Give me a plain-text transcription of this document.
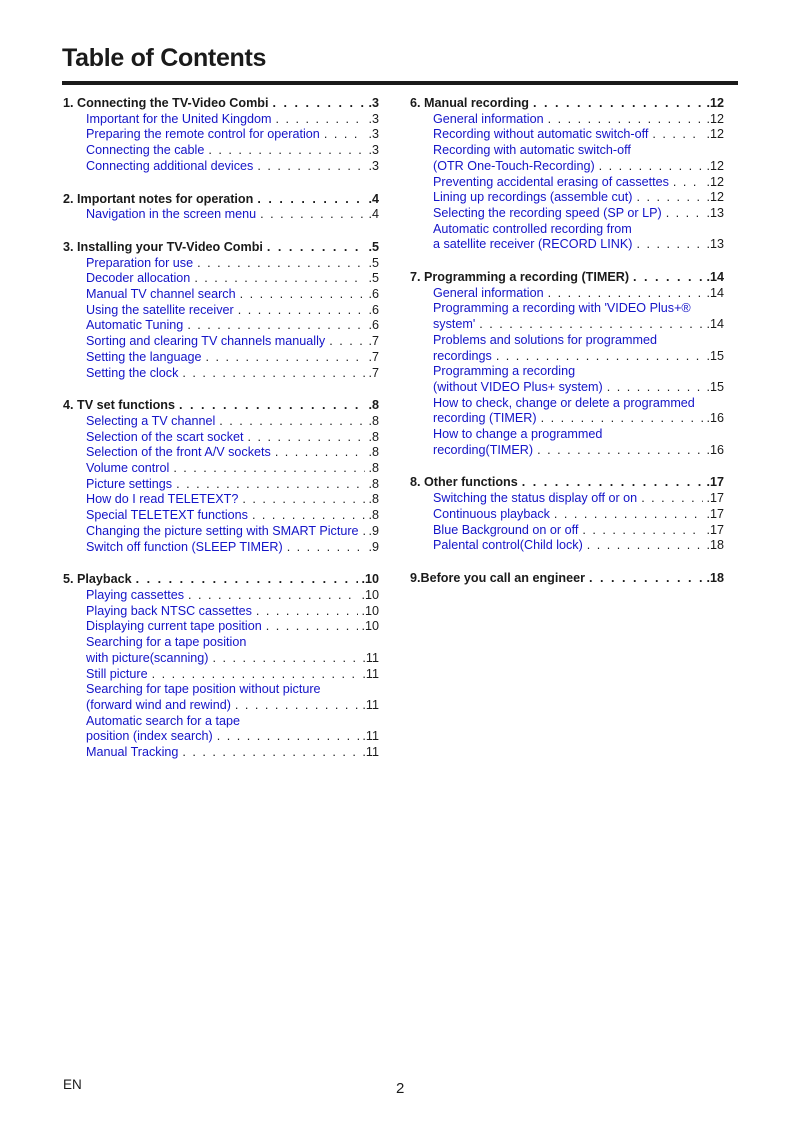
Table of Contents
1. Connecting the TV-Video Combi . . .	.3
Important for the United Kingdom . . .	.3
Preparing the remote control for operation . . .	.3
Connecting the cable . . .	.3
Connecting additional devices . . .	.3
2. Important notes for operation . . .	.4
Navigation in the screen menu . . .	.4
3. Installing your TV-Video Combi . . .	.5
Preparation for use . . .	.5
Decoder allocation . . .	.5
Manual TV channel search . . .	.6
Using the satellite receiver . . .	.6
Automatic Tuning . . .	.6
Sorting and clearing TV channels manually . . .	.7
Setting the language . . .	.7
Setting the clock . . .	.7
4. TV set functions . . .	.8
Selecting a TV channel . . .	.8
Selection of the scart socket . . .	.8
Selection of the front A/V sockets . . .	.8
Volume control . . .	.8
Picture settings . . .	.8
How do I read TELETEXT? . . .	.8
Special TELETEXT functions . . .	.8
Changing the picture setting with SMART Picture . . . .9
Switch off function (SLEEP TIMER) . . .	.9
5. Playback . . .	.10
Playing cassettes . . .	.10
Playing back NTSC cassettes . . .	.10
Displaying current tape position . . .	.10
Searching for a tape position
with picture(scanning) . . .	.11
Still picture . . .	.11
Searching for tape position without picture
(forward wind and rewind) . . .	.11
Automatic search for a tape
position (index search) . . .	.11
Manual Tracking . . .	.11
6. Manual recording . . .	.12
General information . . .	.12
Recording without automatic switch-off . . .	.12
Recording with automatic switch-off
(OTR One-Touch-Recording) . . .	.12
Preventing accidental erasing of cassettes . . .	.12
Lining up recordings (assemble cut) . . .	.12
Selecting the recording speed (SP or LP) . . .	.13
Automatic controlled recording from
a satellite receiver (RECORD LINK) . . .	.13
7. Programming a recording (TIMER) . . .	.14
General information . . .	.14
Programming a recording with 'VIDEO Plus+®
system' . . .	.14
Problems and solutions for programmed
recordings . . .	.15
Programming a recording
(without VIDEO Plus+ system) . . .	.15
How to check, change or delete a programmed
recording (TIMER) . . .	.16
How to change a programmed
recording(TIMER) . . .	.16
8. Other functions . . .	.17
Switching the status display off or on . . .	.17
Continuous playback . . .	.17
Blue Background on or off . . .	.17
Palental control(Child lock) . . .	.18
9.Before you call an engineer . . .	.18
EN	2
